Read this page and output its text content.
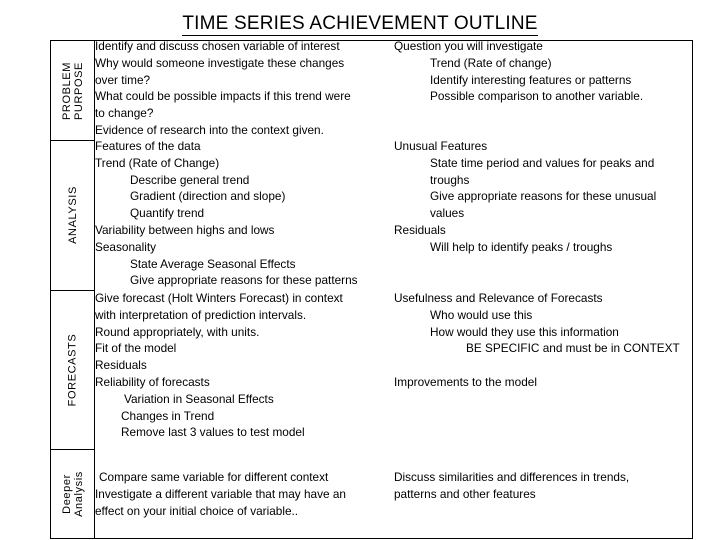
TIME SERIES ACHIEVEMENT OUTLINE
PROBLEM PURPOSE
ANALYSIS
FORECASTS
Deeper Analysis
Identify and discuss chosen variable of interest
Why would someone investigate these changes
over time?
What could be possible impacts if this trend were
to change?
Evidence of research into the context given.
Question you will investigate
Trend (Rate of change)
Identify interesting features or patterns
Possible comparison to another variable.
Features of the data
Trend (Rate of Change)
Describe general trend
Gradient (direction and slope)
Quantify trend
Variability between highs and lows
Seasonality
State Average Seasonal Effects
Give appropriate reasons for these patterns
Unusual Features
State time period and values for peaks and
troughs
Give appropriate reasons for these unusual
values
Residuals
Will help to identify peaks / troughs
Give forecast (Holt Winters Forecast) in context
with interpretation of prediction intervals.
Round appropriately, with units.
Fit of the model
Residuals
Reliability of forecasts
Variation in Seasonal Effects
Changes in Trend
Remove last 3 values to test model
Usefulness and Relevance of Forecasts
Who would use this
How would they use this information
BE SPECIFIC and must be in CONTEXT
Improvements to the model
Compare same variable for different context
Investigate a different variable that may have an
effect on your initial choice of variable..
Discuss similarities and differences in trends,
patterns and other features
